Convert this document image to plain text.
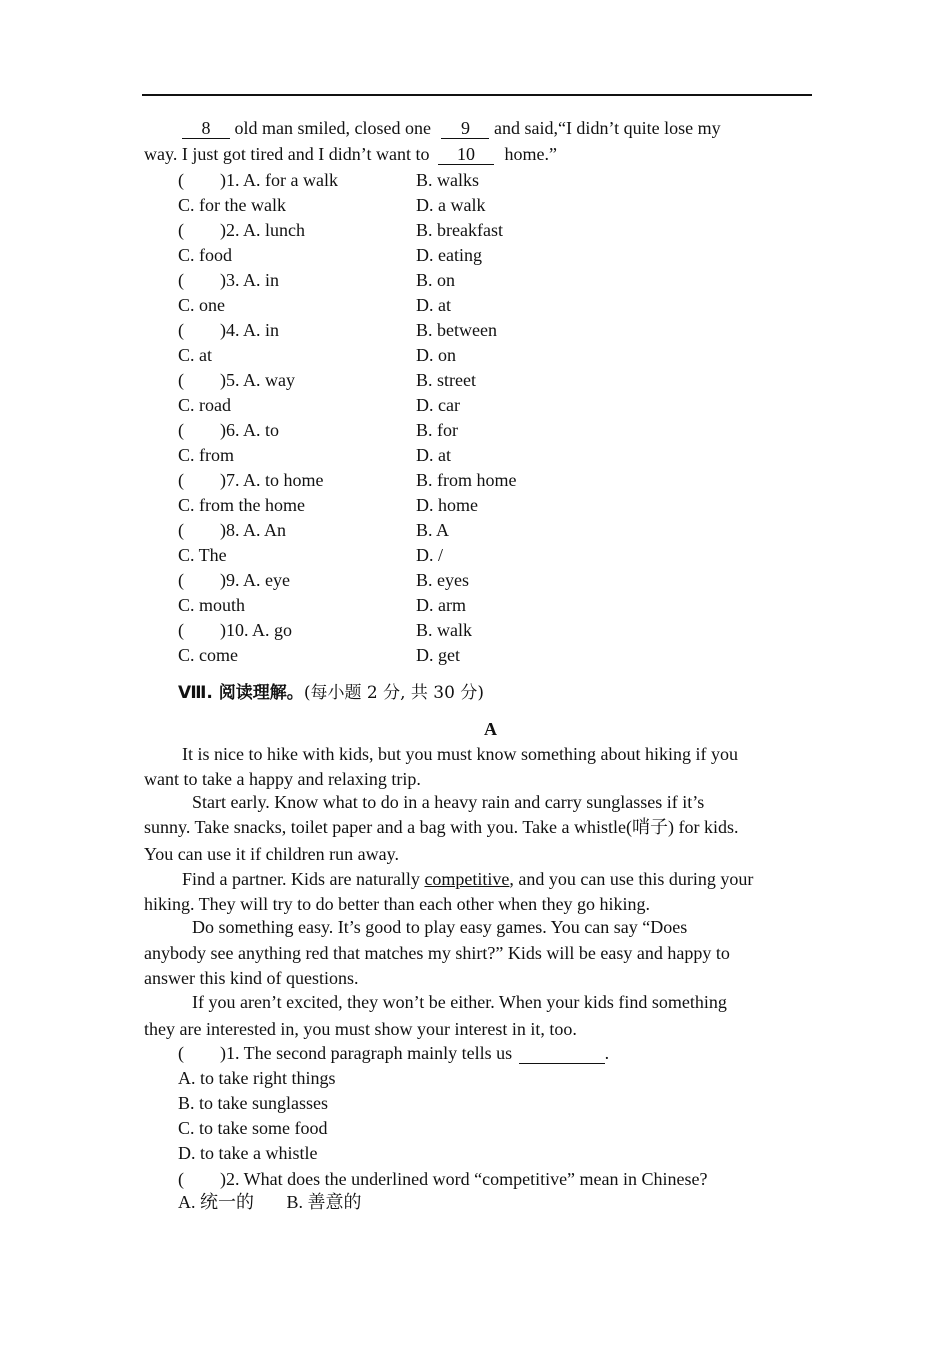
8 old man smiled, closed one 9 and said,“I didn’t quite lose my
way. I just got tired and I didn’t want to 10 home.”
(　　)1. A. for a walk	B. walks
C. for the walk	D. a walk
(　　)2. A. lunch	B. breakfast
C. food	D. eating
(　　)3. A. in	B. on
C. one	D. at
(　　)4. A. in	B. between
C. at	D. on
(　　)5. A. way	B. street
C. road	D. car
(　　)6. A. to	B. for
C. from	D. at
(　　)7. A. to home	B. from home
C. from the home	D. home
(　　)8. A. An	B. A
C. The	D. /
(　　)9. A. eye	B. eyes
C. mouth	D. arm
(　　)10. A. go	B. walk
C. come	D. get
Ⅷ. 阅读理解。(每小题 2 分, 共 30 分)
A
It is nice to hike with kids, but you must know something about hiking if you
want to take a happy and relaxing trip.
Start early. Know what to do in a heavy rain and carry sunglasses if it’s
sunny. Take snacks, toilet paper and a bag with you. Take a whistle(哨子) for kids.
You can use it if children run away.
Find a partner. Kids are naturally competitive, and you can use this during your
hiking. They will try to do better than each other when they go hiking.
Do something easy. It’s good to play easy games. You can say “Does
anybody see anything red that matches my shirt?” Kids will be easy and happy to
answer this kind of questions.
If you aren’t excited, they won’t be either. When your kids find something
they are interested in, you must show your interest in it, too.
(　　)1. The second paragraph mainly tells us	.
A. to take right things
B. to take sunglasses
C. to take some food
D. to take a whistle
(　　)2. What does the underlined word “competitive” mean in Chinese?
A. 统一的 B. 善意的
